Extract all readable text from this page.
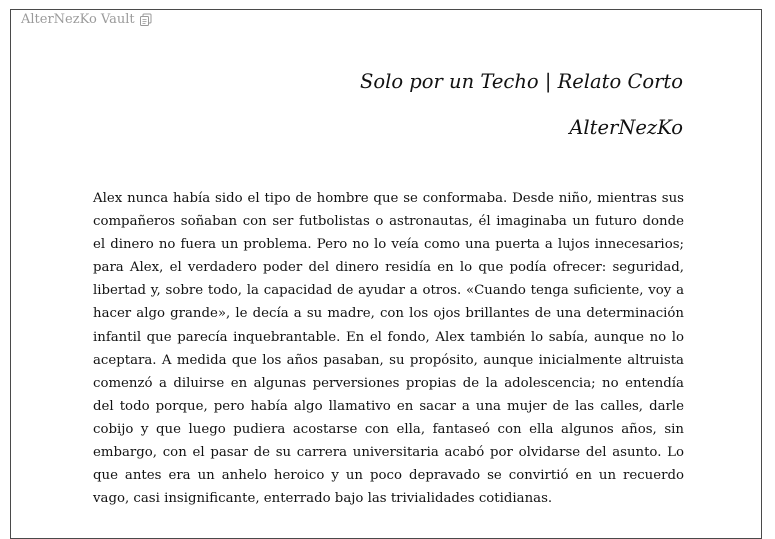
AlterNezKo Vault
Solo por un Techo | Relato Corto
AlterNezKo

Alex nunca había sido el tipo de hombre que se conformaba. Desde niño, mientras sus compañeros soñaban con ser futbolistas o astronautas, él imaginaba un futuro donde el dinero no fuera un problema. Pero no lo veía como una puerta a lujos innecesarios; para Alex, el verdadero poder del dinero residía en lo que podía ofrecer: seguridad, libertad y, sobre todo, la capacidad de ayudar a otros. «Cuando tenga suficiente, voy a hacer algo grande», le decía a su madre, con los ojos brillantes de una determinación infantil que parecía inquebrantable. En el fondo, Alex también lo sabía, aunque no lo aceptara. A medida que los años pasaban, su propósito, aunque inicialmente altruista comenzó a diluirse en algunas perversiones propias de la adolescencia; no entendía del todo porque, pero había algo llamativo en sacar a una mujer de las calles, darle cobijo y que luego pudiera acostarse con ella, fantaseó con ella algunos años, sin embargo, con el pasar de su carrera universitaria acabó por olvidarse del asunto. Lo que antes era un anhelo heroico y un poco depravado se convirtió en un recuerdo vago, casi insignificante, enterrado bajo las trivialidades cotidianas.
